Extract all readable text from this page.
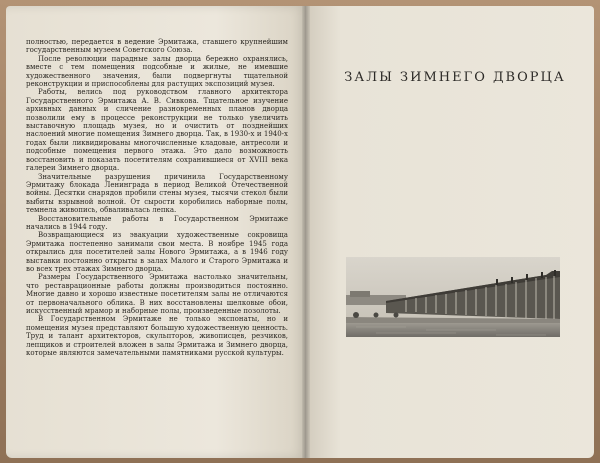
полностью, передается в ведение Эрмитажа, ставшего крупнейшим государственным музеем Советского Союза.

После революции парадные залы дворца бережно охранялись, вместе с тем помещения подсобные и жилые, не имевшие художественного значения, были подвергнуты тщательной реконструкции и приспособлены для растущих экспозиций музея.

Работы, велись под руководством главного архитектора Государственного Эрмитажа А. В. Сивкова. Тщательное изучение архивных данных и сличение разновременных планов дворца позволили ему в процессе реконструкции не только увеличить выставочную площадь музея, но и очистить от позднейших наслоений многие помещения Зимнего дворца. Так, в 1930-х и 1940-х годах были ликвидированы многочисленные кладовые, антресоли и подсобные помещения первого этажа. Это дало возможность восстановить и показать посетителям сохранившиеся от XVIII века галереи Зимнего дворца.

Значительные разрушения причинила Государственному Эрмитажу блокада Ленинграда в период Великой Отечественной войны. Десятки снарядов пробили стены музея, тысячи стекол были выбиты взрывной волной. От сырости коробились наборные полы, темнела живопись, обваливалась лепка.

Восстановительные работы в Государственном Эрмитаже начались в 1944 году.

Возвращающиеся из эвакуации художественные сокровища Эрмитажа постепенно занимали свои места. В ноябре 1945 года открылись для посетителей залы Нового Эрмитажа, а в 1946 году выставки постоянно открыты в залах Малого и Старого Эрмитажа и во всех трех этажах Зимнего дворца.

Размеры Государственного Эрмитажа настолько значительны, что реставрационные работы должны производиться постоянно. Многие давно и хорошо известные посетителям залы не отличаются от первоначального облика. В них восстановлены шелковые обои, искусственный мрамор и наборные полы, произведенные позолоты.

В Государственном Эрмитаже не только экспонаты, но и помещения музея представляют большую художественную ценность. Труд и талант архитекторов, скульпторов, живописцев, резчиков, лепщиков и строителей вложен в залы Эрмитажа и Зимнего дворца, которые являются замечательными памятниками русской культуры.

ЗАЛЫ ЗИМНЕГО ДВОРЦА
